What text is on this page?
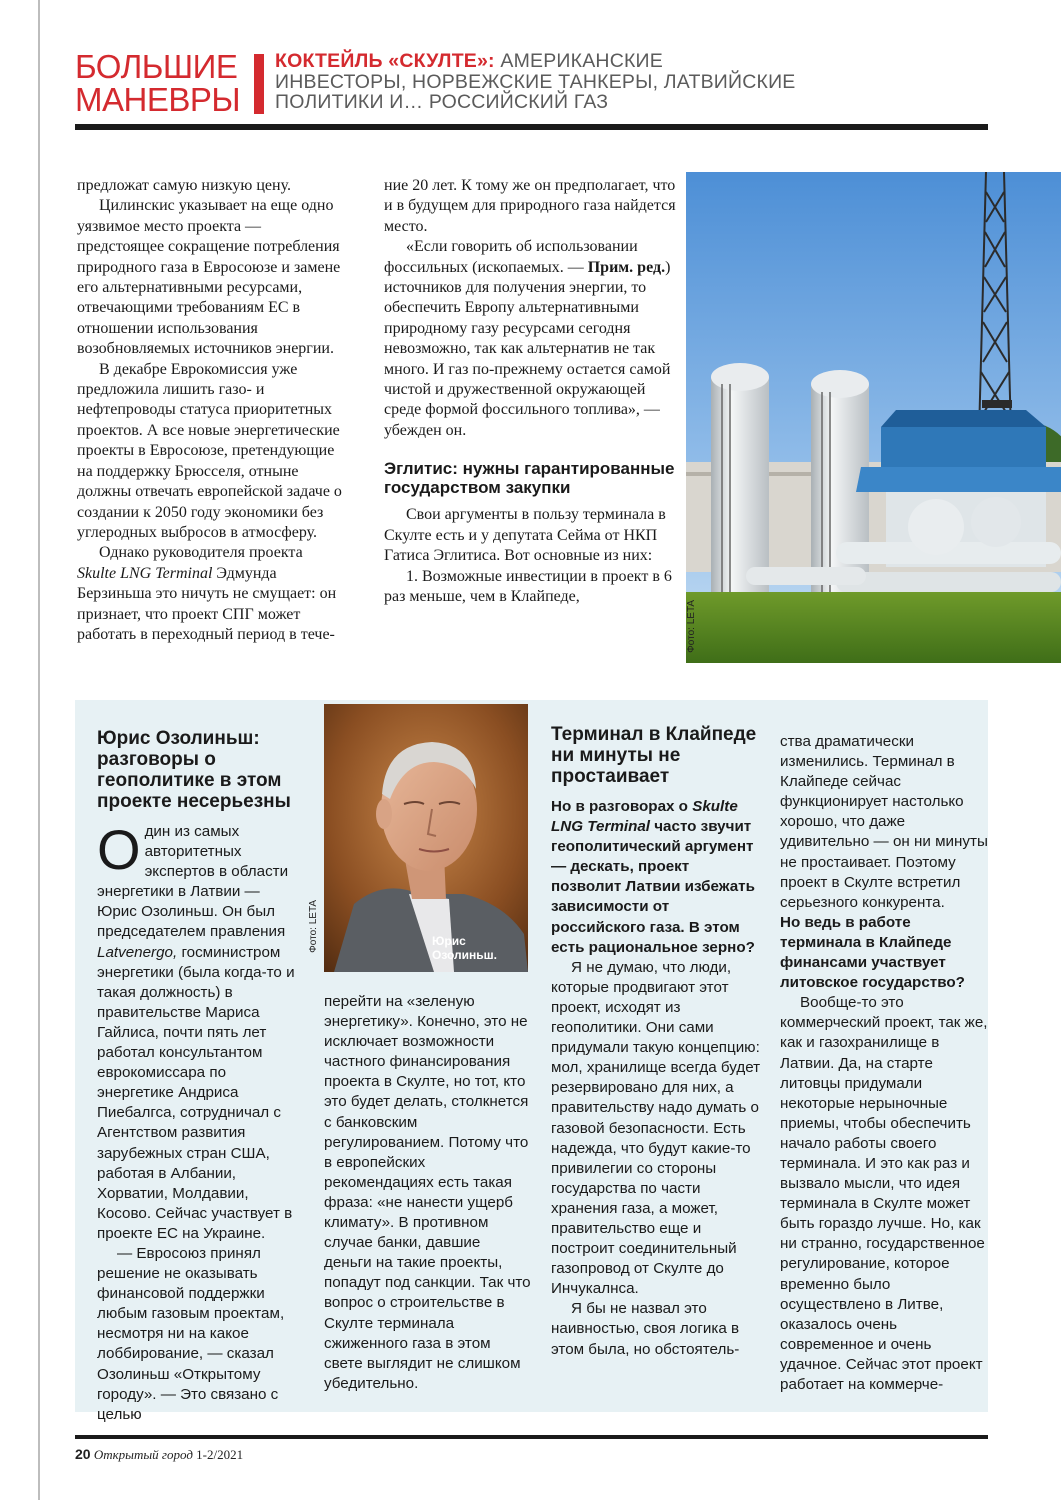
БОЛЬШИЕ
МАНЕВРЫ
КОКТЕЙЛЬ «СКУЛТЕ»: АМЕРИКАНСКИЕ
ИНВЕСТОРЫ, НОРВЕЖСКИЕ ТАНКЕРЫ, ЛАТВИЙСКИЕ
ПОЛИТИКИ И… РОССИЙСКИЙ ГАЗ

предложат самую низкую цену.

Цилинскис указывает на еще одно уязвимое место проекта — предстоящее сокращение потребления природного газа в Евросоюзе и замене его альтернативными ресурсами, отвечающими требованиям ЕС в отношении использования возобновляемых источников энергии.

В декабре Еврокомиссия уже предложила лишить газо- и нефтепроводы статуса приоритетных проектов. А все новые энергетические проекты в Евросоюзе, претендующие на поддержку Брюсселя, отныне должны отвечать европейской задаче о создании к 2050 году экономики без углеродных выбросов в атмосферу.

Однако руководителя проекта Skulte LNG Terminal Эдмунда Берзиньша это ничуть не смущает: он признает, что проект СПГ может работать в переходный период в тече-

ние 20 лет. К тому же он предполагает, что и в будущем для природного газа найдется место.

«Если говорить об использовании фоссильных (ископаемых. — Прим. ред.) источников для получения энергии, то обеспечить Европу альтернативными природному газу ресурсами сегодня невозможно, так как альтернатив не так много. И газ по-прежнему остается самой чистой и дружественной окружающей среде формой фоссильного топлива», — убежден он.

Эглитис: нужны гарантированные государством закупки

Свои аргументы в пользу терминала в Скулте есть и у депутата Сейма от НКП Гатиса Эглитиса. Вот основные из них:

1. Возможные инвестиции в проект в 6 раз меньше, чем в Клайпеде,

Фото: LETA
Юрис
Озолиньш.
Фото: LETA
Юрис Озолиньш: разговоры о геополитике в этом проекте несерьезны

Один из самых авторитетных экспертов в области энергетики в Латвии — Юрис Озолиньш. Он был председателем правления Latvenergo, госминистром энергетики (была когда-то и такая должность) в правительстве Мариса Гайлиса, почти пять лет работал консультантом еврокомиссара по энергетике Андриса Пиебалгса, сотрудничал с Агентством развития зарубежных стран США, работая в Албании, Хорватии, Молдавии, Косово. Сейчас участвует в проекте ЕС на Украине.

— Евросоюз принял решение не оказывать финансовой поддержки любым газовым проектам, несмотря ни на какое лоббирование, — сказал Озолиньш «Открытому городу». — Это связано с целью

перейти на «зеленую энергетику». Конечно, это не исключает возможности частного финансирования проекта в Скулте, но тот, кто это будет делать, столкнется с банковским регулированием. Потому что в европейских рекомендациях есть такая фраза: «не нанести ущерб климату». В противном случае банки, давшие деньги на такие проекты, попадут под санкции. Так что вопрос о строительстве в Скулте терминала сжиженного газа в этом свете выглядит не слишком убедительно.

Терминал в Клайпеде ни минуты не простаивает

Но в разговорах о Skulte LNG Terminal часто звучит геополитический аргумент — дескать, проект позволит Латвии избежать зависимости от российского газа. В этом есть рациональное зерно?

Я не думаю, что люди, которые продвигают этот проект, исходят из геополитики. Они сами придумали такую концепцию: мол, хранилище всегда будет резервировано для них, а правительству надо думать о газовой безопасности. Есть надежда, что будут какие-то привилегии со стороны государства по части хранения газа, а может, правительство еще и построит соединительный газопровод от Скулте до Инчукалнса.

Я бы не назвал это наивностью, своя логика в этом была, но обстоятель-

ства драматически изменились. Терминал в Клайпеде сейчас функционирует настолько хорошо, что даже удивительно — он ни минуты не простаивает. Поэтому проект в Скулте встретил серьезного конкурента.

Но ведь в работе терминала в Клайпеде финансами участвует литовское государство?

Вообще-то это коммерческий проект, так же, как и газохранилище в Латвии. Да, на старте литовцы придумали некоторые нерыночные приемы, чтобы обеспечить начало работы своего терминала. И это как раз и вызвало мысли, что идея терминала в Скулте может быть гораздо лучше. Но, как ни странно, государственное регулирование, которое временно было осуществлено в Литве, оказалось очень современное и очень удачное. Сейчас этот проект работает на коммерче-

20 Открытый город 1-2/2021
